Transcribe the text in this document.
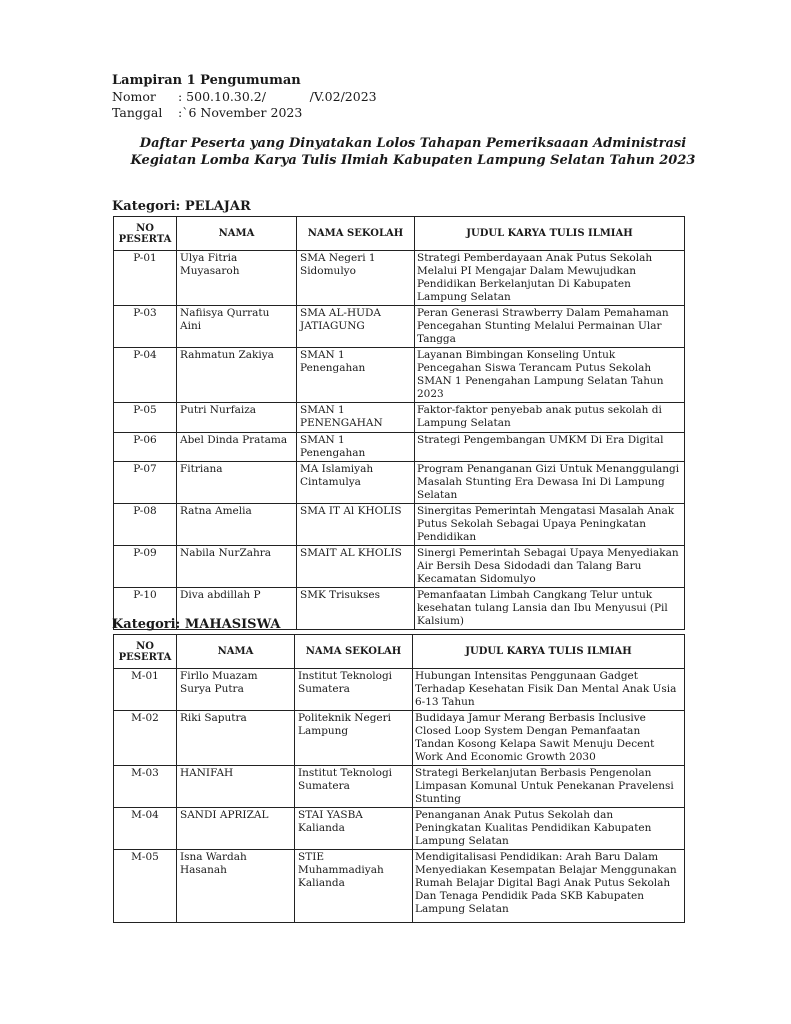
Lampiran 1 Pengumuman
Nomor : 500.10.30.2/           /V.02/2023
Tanggal :`6 November 2023
Daftar Peserta yang Dinyatakan Lolos Tahapan Pemeriksaaan Administrasi
Kegiatan Lomba Karya Tulis Ilmiah Kabupaten Lampung Selatan Tahun 2023
Kategori: PELAJAR
NO
PESERTA	NAMA	NAMA SEKOLAH	JUDUL KARYA TULIS ILMIAH
P-01	Ulya Fitria Muyasaroh	SMA Negeri 1 Sidomulyo	Strategi Pemberdayaan Anak Putus Sekolah Melalui PI Mengajar Dalam Mewujudkan Pendidikan Berkelanjutan Di Kabupaten Lampung Selatan
P-03	Nafiisya Qurratu Aini	SMA AL-HUDA JATIAGUNG	Peran Generasi Strawberry Dalam Pemahaman Pencegahan Stunting Melalui Permainan Ular Tangga
P-04	Rahmatun Zakiya	SMAN 1 Penengahan	Layanan Bimbingan Konseling Untuk Pencegahan Siswa Terancam Putus Sekolah SMAN 1 Penengahan Lampung Selatan Tahun 2023
P-05	Putri Nurfaiza	SMAN 1 PENENGAHAN	Faktor-faktor penyebab anak putus sekolah di Lampung Selatan
P-06	Abel Dinda Pratama	SMAN 1 Penengahan	Strategi Pengembangan UMKM Di Era Digital
P-07	Fitriana	MA Islamiyah Cintamulya	Program Penanganan Gizi Untuk Menanggulangi Masalah Stunting Era Dewasa Ini Di Lampung Selatan
P-08	Ratna Amelia	SMA IT Al KHOLIS	Sinergitas Pemerintah Mengatasi Masalah Anak Putus Sekolah Sebagai Upaya Peningkatan Pendidikan
P-09	Nabila NurZahra	SMAIT AL KHOLIS	Sinergi Pemerintah Sebagai Upaya Menyediakan Air Bersih Desa Sidodadi dan Talang Baru Kecamatan Sidomulyo
P-10	Diva abdillah P	SMK Trisukses	Pemanfaatan Limbah Cangkang Telur untuk kesehatan tulang Lansia dan Ibu Menyusui (Pil Kalsium)
Kategori: MAHASISWA
NO
PESERTA	NAMA	NAMA SEKOLAH	JUDUL KARYA TULIS ILMIAH
M-01	Firllo Muazam Surya Putra	Institut Teknologi Sumatera	Hubungan Intensitas Penggunaan Gadget Terhadap Kesehatan Fisik Dan Mental Anak Usia 6-13 Tahun
M-02	Riki Saputra	Politeknik Negeri Lampung	Budidaya Jamur Merang Berbasis Inclusive Closed Loop System Dengan Pemanfaatan Tandan Kosong Kelapa Sawit Menuju Decent Work And Economic Growth 2030
M-03	HANIFAH	Institut Teknologi Sumatera	Strategi Berkelanjutan Berbasis Pengenolan Limpasan Komunal Untuk Penekanan Pravelensi Stunting
M-04	SANDI APRIZAL	STAI YASBA Kalianda	Penanganan Anak Putus Sekolah dan Peningkatan Kualitas Pendidikan Kabupaten Lampung Selatan
M-05	Isna Wardah Hasanah	STIE Muhammadiyah Kalianda	Mendigitalisasi Pendidikan: Arah Baru Dalam Menyediakan Kesempatan Belajar Menggunakan Rumah Belajar Digital Bagi Anak Putus Sekolah Dan Tenaga Pendidik Pada SKB Kabupaten Lampung Selatan
